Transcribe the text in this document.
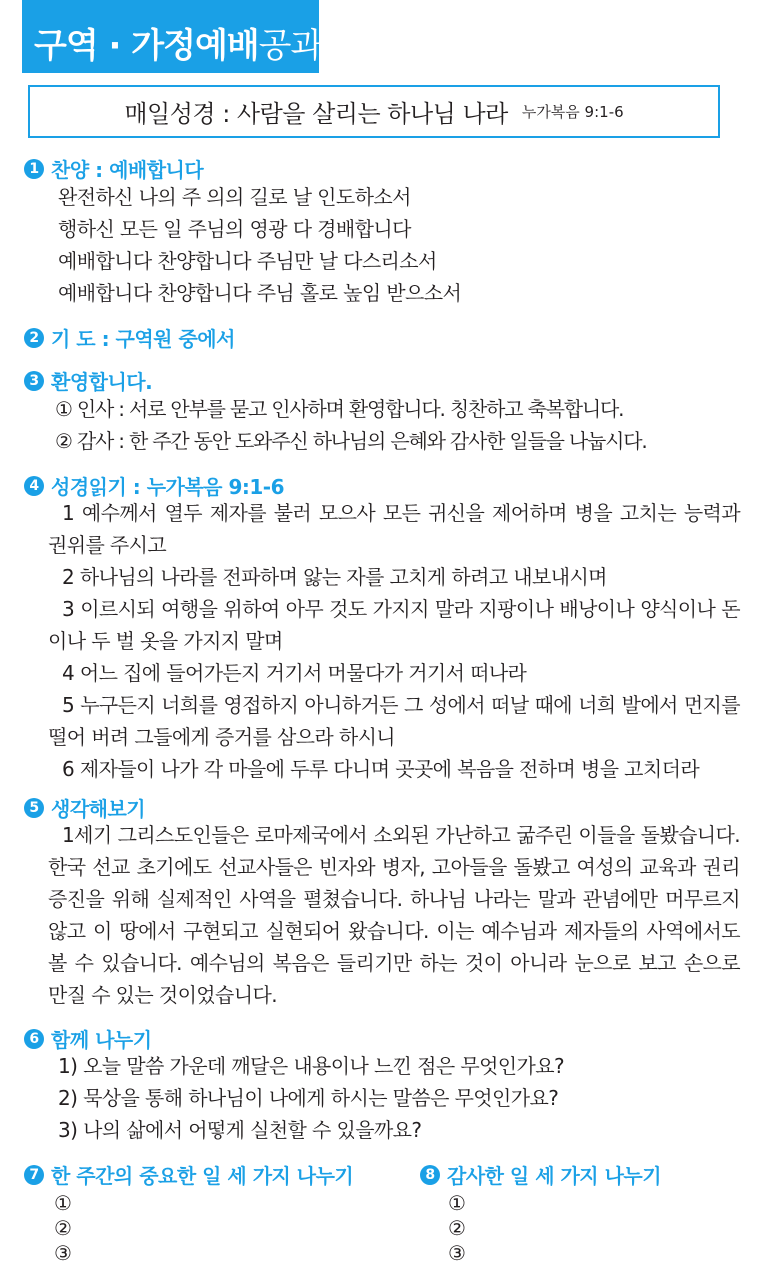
구역 · 가정예배공과
매일성경 : 사람을 살리는 하나님 나라 누가복음 9:1-6
1 찬양 : 예배합니다
완전하신 나의 주 의의 길로 날 인도하소서
행하신 모든 일 주님의 영광 다 경배합니다
예배합니다 찬양합니다 주님만 날 다스리소서
예배합니다 찬양합니다 주님 홀로 높임 받으소서
2 기 도 : 구역원 중에서
3 환영합니다.
① 인사 : 서로 안부를 묻고 인사하며 환영합니다. 칭찬하고 축복합니다.
② 감사 : 한 주간 동안 도와주신 하나님의 은혜와 감사한 일들을 나눕시다.
4 성경읽기 : 누가복음 9:1-6

1 예수께서 열두 제자를 불러 모으사 모든 귀신을 제어하며 병을 고치는 능력과 권위를 주시고

2 하나님의 나라를 전파하며 앓는 자를 고치게 하려고 내보내시며

3 이르시되 여행을 위하여 아무 것도 가지지 말라 지팡이나 배낭이나 양식이나 돈이나 두 벌 옷을 가지지 말며

4 어느 집에 들어가든지 거기서 머물다가 거기서 떠나라

5 누구든지 너희를 영접하지 아니하거든 그 성에서 떠날 때에 너희 발에서 먼지를 떨어 버려 그들에게 증거를 삼으라 하시니

6 제자들이 나가 각 마을에 두루 다니며 곳곳에 복음을 전하며 병을 고치더라

5 생각해보기

1세기 그리스도인들은 로마제국에서 소외된 가난하고 굶주린 이들을 돌봤습니다. 한국 선교 초기에도 선교사들은 빈자와 병자, 고아들을 돌봤고 여성의 교육과 권리 증진을 위해 실제적인 사역을 펼쳤습니다. 하나님 나라는 말과 관념에만 머무르지 않고 이 땅에서 구현되고 실현되어 왔습니다. 이는 예수님과 제자들의 사역에서도 볼 수 있습니다. 예수님의 복음은 들리기만 하는 것이 아니라 눈으로 보고 손으로 만질 수 있는 것이었습니다.

6 함께 나누기
1) 오늘 말씀 가운데 깨달은 내용이나 느낀 점은 무엇인가요?
2) 묵상을 통해 하나님이 나에게 하시는 말씀은 무엇인가요?
3) 나의 삶에서 어떻게 실천할 수 있을까요?
7 한 주간의 중요한 일 세 가지 나누기
①
②
③
8 감사한 일 세 가지 나누기
①
②
③
